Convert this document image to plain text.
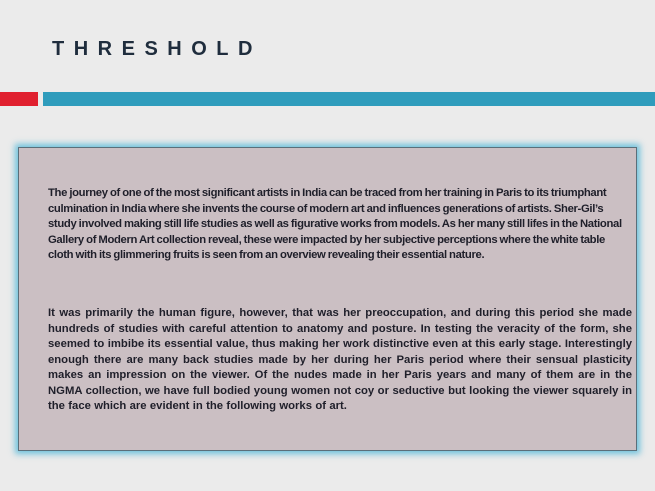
THRESHOLD

The journey of one of the most significant artists in India can be traced from her training in Paris to its triumphant culmination in India where she invents the course of modern art and influences generations of artists. Sher-Gil’s study involved making still life studies as well as figurative works from models. As her many still lifes in the National Gallery of Modern Art collection reveal, these were impacted by her subjective perceptions where the white table cloth with its glimmering fruits is seen from an overview revealing their essential nature.

It was primarily the human figure, however, that was her preoccupation, and during this period she made hundreds of studies with careful attention to anatomy and posture. In testing the veracity of the form, she seemed to imbibe its essential value, thus making her work distinctive even at this early stage. Interestingly enough there are many back studies made by her during her Paris period where their sensual plasticity makes an impression on the viewer. Of the nudes made in her Paris years and many of them are in the NGMA collection, we have full bodied young women not coy or seductive but looking the viewer squarely in the face which are evident in the following works of art.
